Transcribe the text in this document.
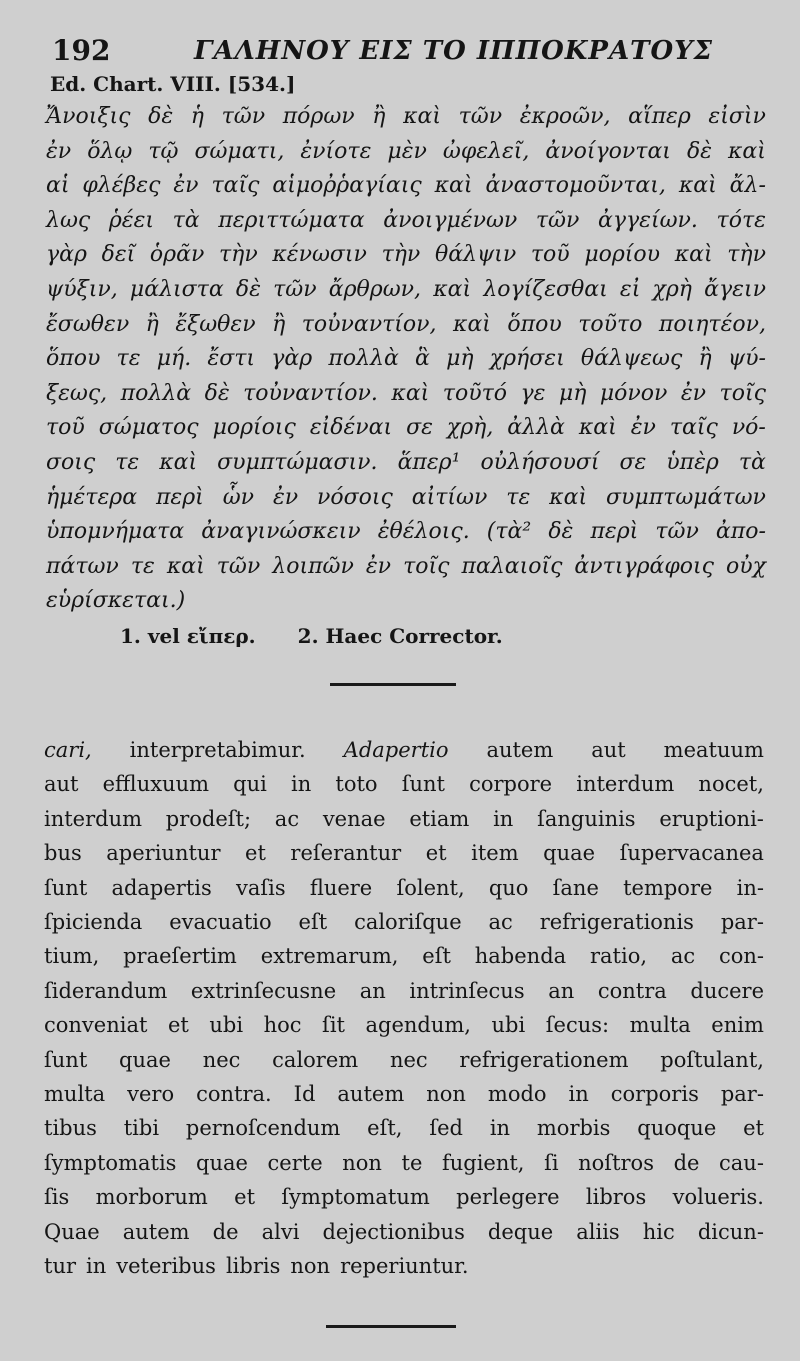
192	ΓΑΛΗΝΟΥ ΕΙΣ ΤΟ ΙΠΠΟΚΡΑΤΟΥΣ
Ed. Chart. VIII. [534.]
Ἄνοιξις δὲ ἡ τῶν πόρων ἢ καὶ τῶν ἐκροῶν, αἵπερ εἰσὶν
ἐν ὅλῳ τῷ σώματι, ἐνίοτε μὲν ὠφελεῖ, ἀνοίγονται δὲ καὶ
αἱ φλέβες ἐν ταῖς αἱμοῤῥαγίαις καὶ ἀναστομοῦνται, καὶ ἄλ-
λως ῥέει τὰ περιττώματα ἀνοιγμένων τῶν ἀγγείων. τότε
γὰρ δεῖ ὁρᾶν τὴν κένωσιν τὴν θάλψιν τοῦ μορίου καὶ τὴν
ψύξιν, μάλιστα δὲ τῶν ἄρθρων, καὶ λογίζεσθαι εἰ χρὴ ἄγειν
ἔσωθεν ἢ ἔξωθεν ἢ τοὐναντίον, καὶ ὅπου τοῦτο ποιητέον,
ὅπου τε μή. ἔστι γὰρ πολλὰ ἃ μὴ χρήσει θάλψεως ἢ ψύ-
ξεως, πολλὰ δὲ τοὐναντίον. καὶ τοῦτό γε μὴ μόνον ἐν τοῖς
τοῦ σώματος μορίοις εἰδέναι σε χρὴ, ἀλλὰ καὶ ἐν ταῖς νό-
σοις τε καὶ συμπτώμασιν. ἅπερ¹ οὐλήσουσί σε ὑπὲρ τὰ
ἡμέτερα περὶ ὧν ἐν νόσοις αἰτίων τε καὶ συμπτωμάτων
ὑπομνήματα ἀναγινώσκειν ἐθέλοις. (τὰ² δὲ περὶ τῶν ἀπο-
πάτων τε καὶ τῶν λοιπῶν ἐν τοῖς παλαιοῖς ἀντιγράφοις οὐχ
εὑρίσκεται.)
1. vel εἴπερ. 2. Haec Corrector.
cari, interpretabimur. Adapertio autem aut meatuum
aut effluxuum qui in toto ſunt corpore interdum nocet,
interdum prodeſt; ac venae etiam in ſanguinis eruptioni-
bus aperiuntur et reſerantur et item quae ſupervacanea
ſunt adapertis vaſis fluere ſolent, quo ſane tempore in-
ſpicienda evacuatio eſt caloriſque ac refrigerationis par-
tium, praeſertim extremarum, eſt habenda ratio, ac con-
ſiderandum extrinſecusne an intrinſecus an contra ducere
conveniat et ubi hoc ſit agendum, ubi ſecus: multa enim
ſunt quae nec calorem nec refrigerationem poſtulant,
multa vero contra. Id autem non modo in corporis par-
tibus tibi pernoſcendum eſt, ſed in morbis quoque et
ſymptomatis quae certe non te fugient, ſi noſtros de cau-
ſis morborum et ſymptomatum perlegere libros volueris.
Quae autem de alvi dejectionibus deque aliis hic dicun-
tur in veteribus libris non reperiuntur.
